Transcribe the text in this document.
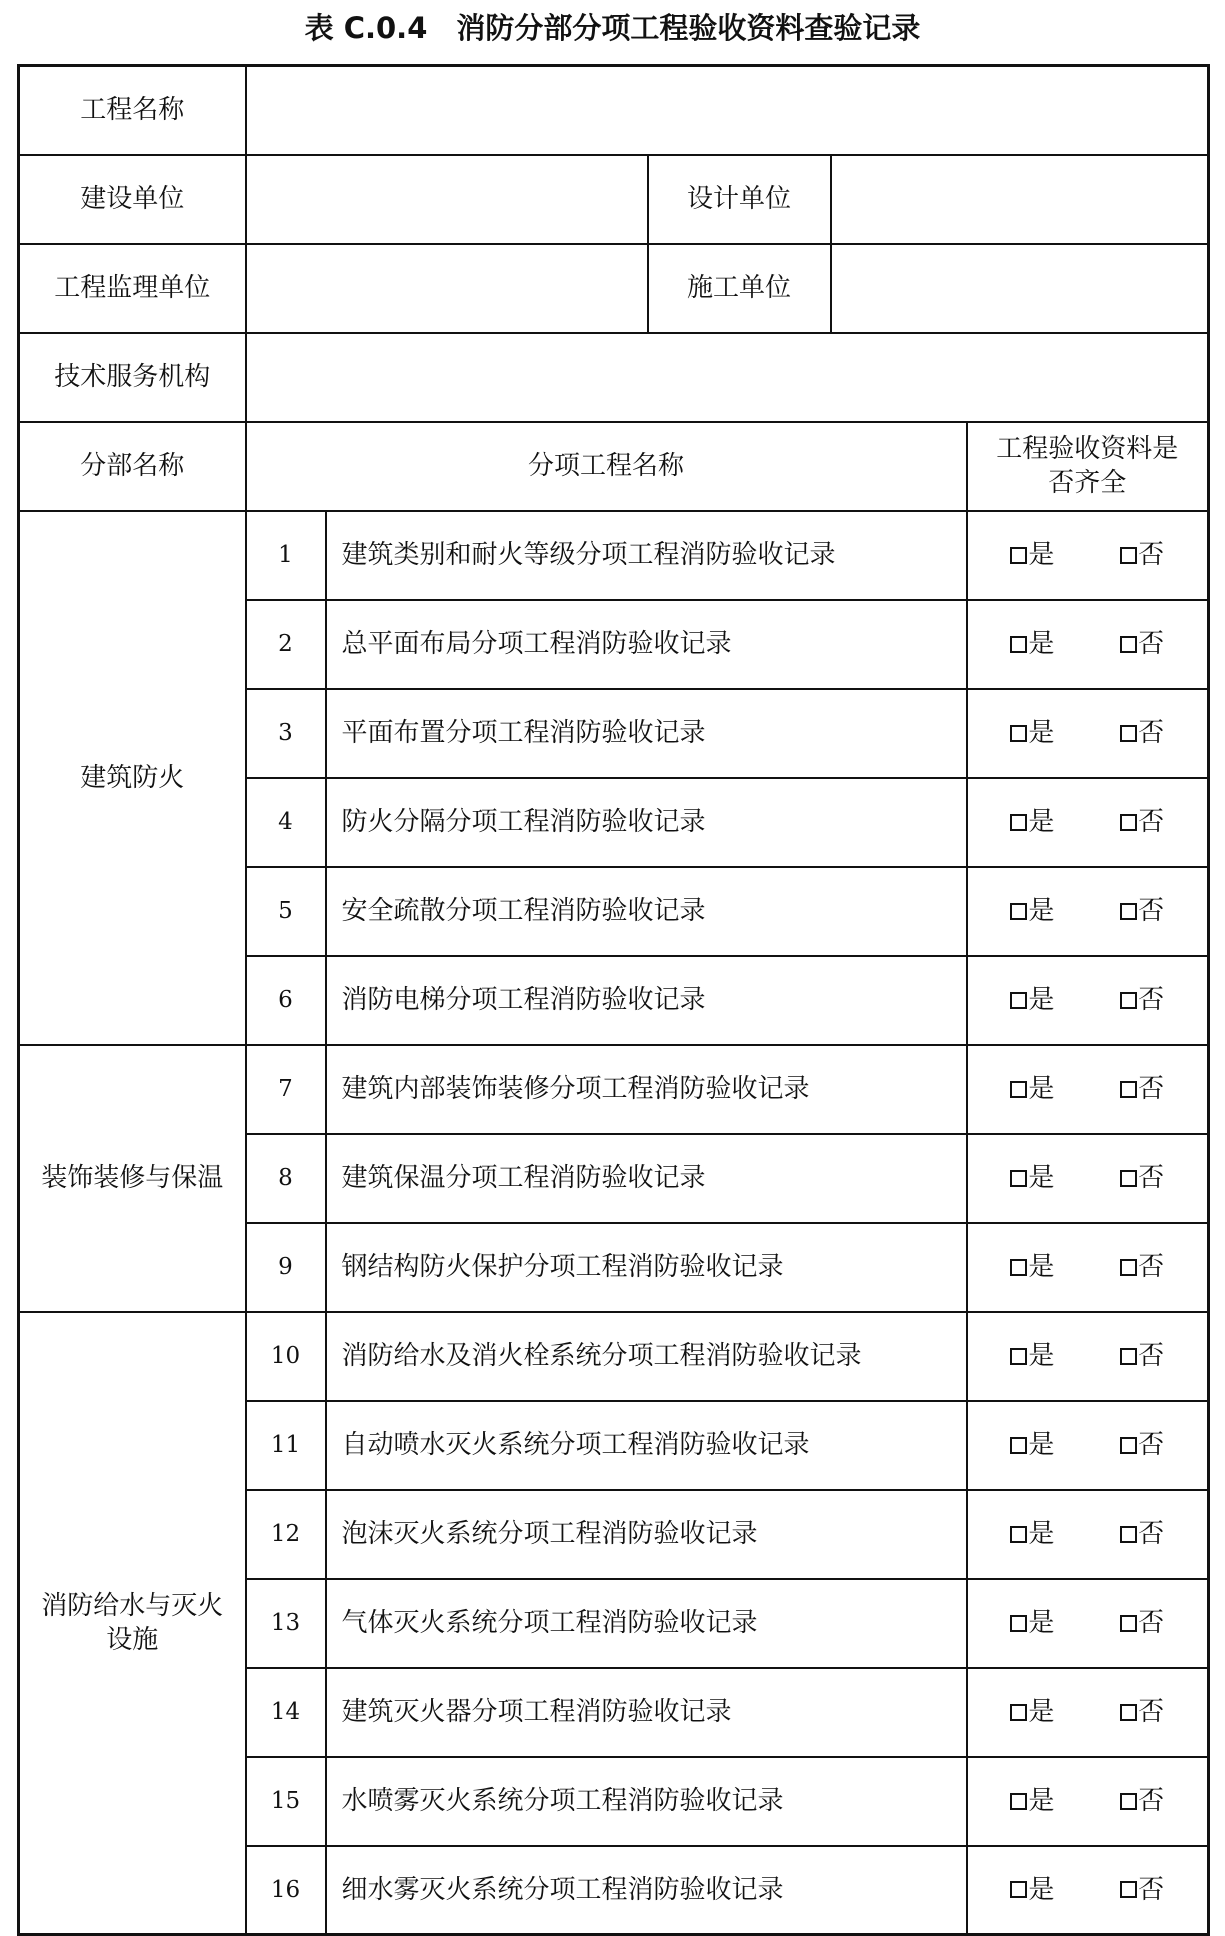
表 C.0.4　消防分部分项工程验收资料查验记录
工程名称					
建设单位			设计单位		
工程监理单位			施工单位		
技术服务机构					
分部名称	分项工程名称				工程验收资料是否齐全
建筑防火	1	建筑类别和耐火等级分项工程消防验收记录			是 否

	2	总平面布局分项工程消防验收记录			是 否

	3	平面布置分项工程消防验收记录			是 否

	4	防火分隔分项工程消防验收记录			是 否

	5	安全疏散分项工程消防验收记录			是 否

	6	消防电梯分项工程消防验收记录			是 否

装饰装修与保温	7	建筑内部装饰装修分项工程消防验收记录			是 否

	8	建筑保温分项工程消防验收记录			是 否

	9	钢结构防火保护分项工程消防验收记录			是 否

消防给水与灭火设施	10	消防给水及消火栓系统分项工程消防验收记录			是 否

	11	自动喷水灭火系统分项工程消防验收记录			是 否

	12	泡沫灭火系统分项工程消防验收记录			是 否

	13	气体灭火系统分项工程消防验收记录			是 否

	14	建筑灭火器分项工程消防验收记录			是 否

	15	水喷雾灭火系统分项工程消防验收记录			是 否

	16	细水雾灭火系统分项工程消防验收记录			是 否
